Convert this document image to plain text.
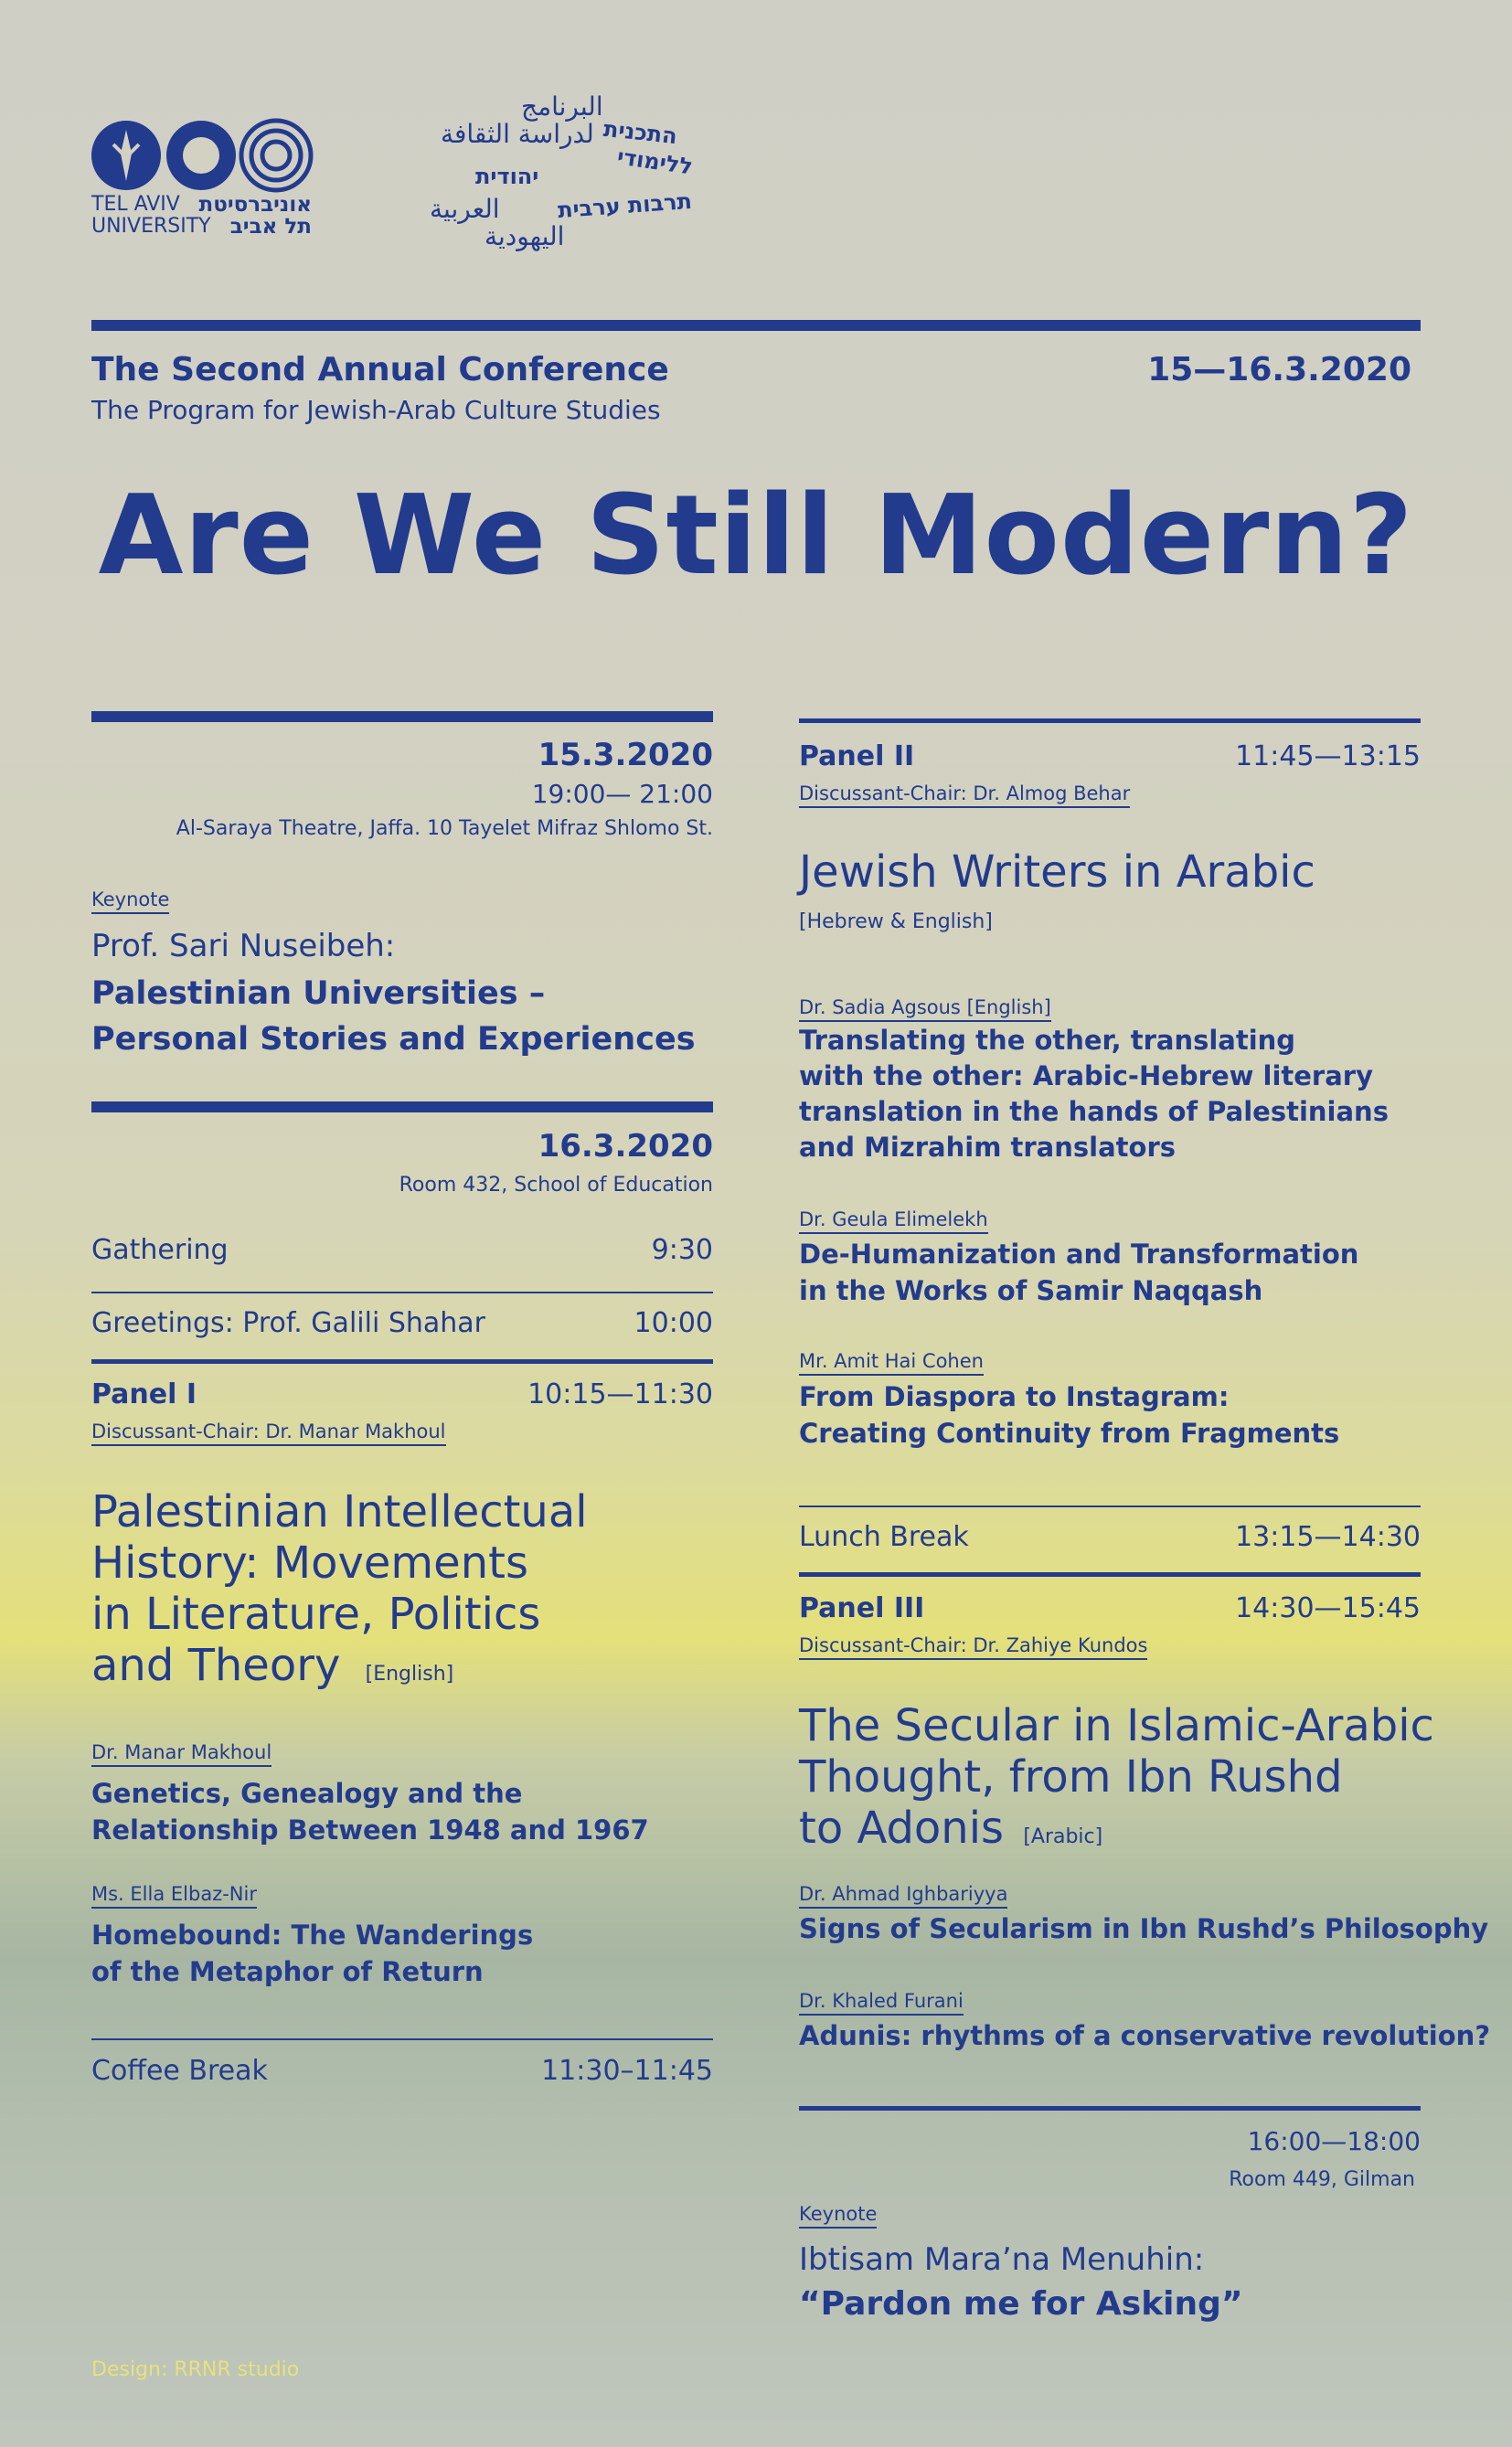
TEL AVIV
UNIVERSITY
אוניברסיטת
תל אביב
البرنامج
لدراسة الثقافة
العربية
اليهودية
התכנית
ללימודי
יהודית
תרבות ערבית
The Second Annual Conference
The Program for Jewish-Arab Culture Studies
15—16.3.2020
Are We Still Modern?
15.3.2020
19:00— 21:00
Al-Saraya Theatre, Jaffa. 10 Tayelet Mifraz Shlomo St.
Keynote
Prof. Sari Nuseibeh:
Palestinian Universities –
Personal Stories and Experiences
16.3.2020
Room 432, School of Education
Gathering	9:30
Greetings: Prof. Galili Shahar	10:00
Panel I	10:15—11:30
Discussant-Chair: Dr. Manar Makhoul
Palestinian Intellectual
History: Movements
in Literature, Politics
and Theory [English]
Dr. Manar Makhoul
Genetics, Genealogy and the
Relationship Between 1948 and 1967
Ms. Ella Elbaz-Nir
Homebound: The Wanderings
of the Metaphor of Return
Coffee Break	11:30–11:45
Design: RRNR studio
Panel II	11:45—13:15
Discussant-Chair: Dr. Almog Behar
Jewish Writers in Arabic
[Hebrew & English]
Dr. Sadia Agsous [English]
Translating the other, translating
with the other: Arabic-Hebrew literary
translation in the hands of Palestinians
and Mizrahim translators
Dr. Geula Elimelekh
De-Humanization and Transformation
in the Works of Samir Naqqash
Mr. Amit Hai Cohen
From Diaspora to Instagram:
Creating Continuity from Fragments
Lunch Break	13:15—14:30
Panel III	14:30—15:45
Discussant-Chair: Dr. Zahiye Kundos
The Secular in Islamic-Arabic
Thought, from Ibn Rushd
to Adonis [Arabic]
Dr. Ahmad Ighbariyya
Signs of Secularism in Ibn Rushd’s Philosophy
Dr. Khaled Furani
Adunis: rhythms of a conservative revolution?
16:00—18:00
Room 449, Gilman
Keynote
Ibtisam Mara’na Menuhin:
“Pardon me for Asking”
